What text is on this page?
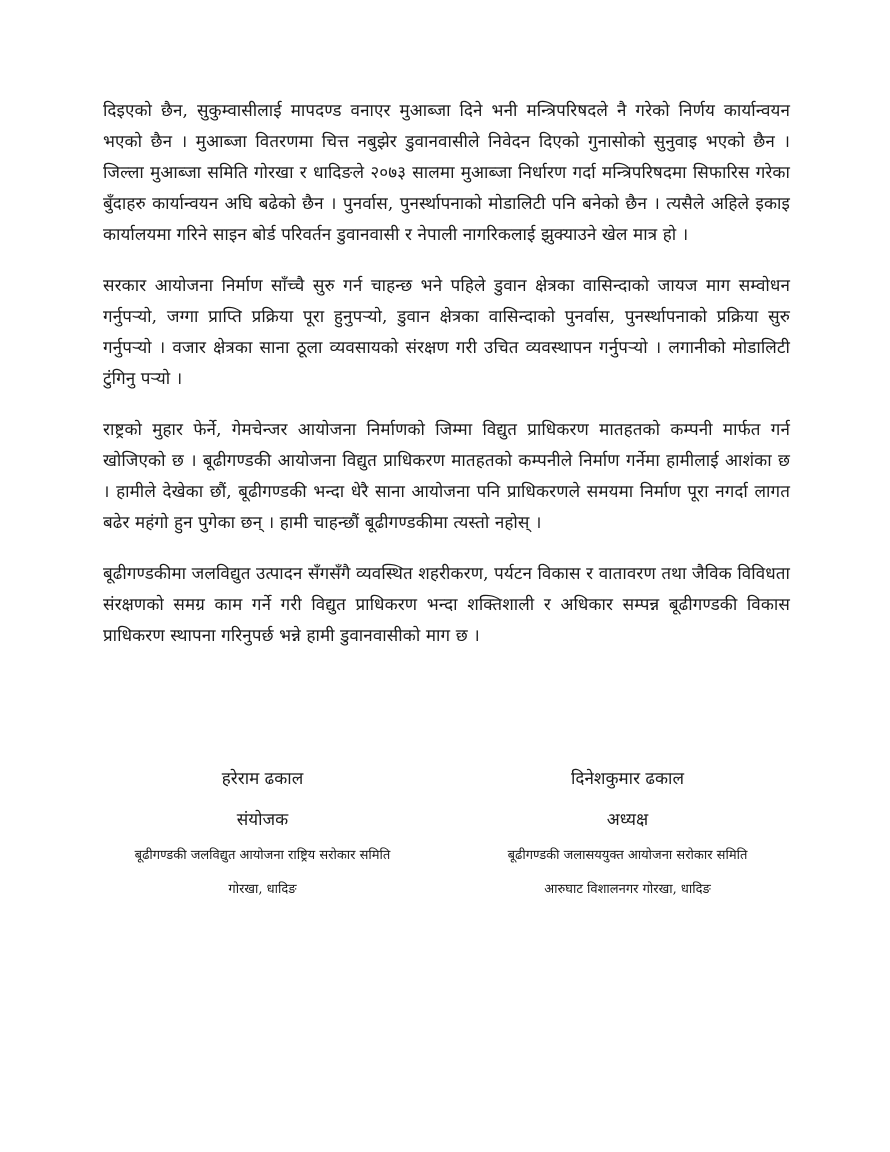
दिइएको छैन, सुकुम्वासीलाई मापदण्ड वनाएर मुआब्जा दिने भनी मन्त्रिपरिषदले नै गरेको निर्णय कार्यान्वयन भएको छैन । मुआब्जा वितरणमा चित्त नबुझेर डुवानवासीले निवेदन दिएको गुनासोको सुनुवाइ भएको छैन । जिल्ला मुआब्जा समिति गोरखा र धादिङले २०७३ सालमा मुआब्जा निर्धारण गर्दा मन्त्रिपरिषदमा सिफारिस गरेका बुँदाहरु कार्यान्वयन अघि बढेको छैन । पुनर्वास, पुनर्स्थापनाको मोडालिटी पनि बनेको छैन । त्यसैले अहिले इकाइ कार्यालयमा गरिने साइन बोर्ड परिवर्तन डुवानवासी र नेपाली नागरिकलाई झुक्याउने खेल मात्र हो ।

सरकार आयोजना निर्माण साँच्चै सुरु गर्न चाहन्छ भने पहिले डुवान क्षेत्रका वासिन्दाको जायज माग सम्वोधन गर्नुपर्‍यो, जग्गा प्राप्ति प्रक्रिया पूरा हुनुपर्‍यो, डुवान क्षेत्रका वासिन्दाको पुनर्वास, पुनर्स्थापनाको प्रक्रिया सुरु गर्नुपर्‍यो । वजार क्षेत्रका साना ठूला व्यवसायको संरक्षण गरी उचित व्यवस्थापन गर्नुपर्‍यो । लगानीको मोडालिटी टुंगिनु पर्‍यो ।

राष्ट्रको मुहार फेर्ने, गेमचेन्जर आयोजना निर्माणको जिम्मा विद्युत प्राधिकरण मातहतको कम्पनी मार्फत गर्न खोजिएको छ । बूढीगण्डकी आयोजना विद्युत प्राधिकरण मातहतको कम्पनीले निर्माण गर्नेमा हामीलाई आशंका छ । हामीले देखेका छौं, बूढीगण्डकी भन्दा धेरै साना आयोजना पनि प्राधिकरणले समयमा निर्माण पूरा नगर्दा लागत बढेर महंगो हुन पुगेका छन् । हामी चाहन्छौं बूढीगण्डकीमा त्यस्तो नहोस् ।

बूढीगण्डकीमा जलविद्युत उत्पादन सँगसँगै व्यवस्थित शहरीकरण, पर्यटन विकास र वातावरण तथा जैविक विविधता संरक्षणको समग्र काम गर्ने गरी विद्युत प्राधिकरण भन्दा शक्तिशाली र अधिकार सम्पन्न बूढीगण्डकी विकास प्राधिकरण स्थापना गरिनुपर्छ भन्ने हामी डुवानवासीको माग छ ।

हरेराम ढकाल

संयोजक

बूढीगण्डकी जलविद्युत आयोजना राष्ट्रिय सरोकार समिति

गोरखा, धादिङ

दिनेशकुमार ढकाल

अध्यक्ष

बूढीगण्डकी जलासययुक्त आयोजना सरोकार समिति

आरुघाट विशालनगर गोरखा, धादिङ
